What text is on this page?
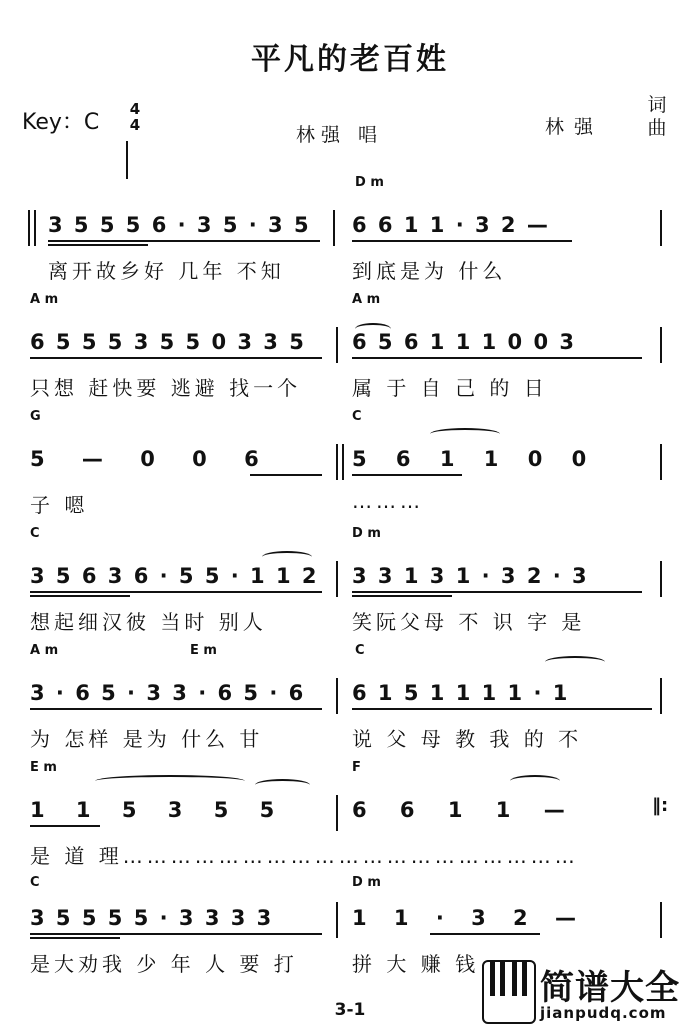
平凡的老百姓
Key：C
4
4	林强 唱	林强
词曲
D m
3 5 5 5 6 · 3 5 · 3 5 6 6 1 1 · 3 2 —
离开故乡好 几年 不知	到底是为 什么
A m	A m
6 5 5 5 3 5 5 0 3 3 5 6 5 6 1 1 1 0 0 3
只想 赶快要 逃避 找一个	属 于 自 己 的 日
G	C
5 — 0 0 6	5 6 1 1 0 0
子 嗯	………
C	D m
3 5 6 3 6 · 5 5 · 1 1 2 3 3 1 3 1 · 3 2 · 3
想起细汉彼 当时 别人	笑阮父母 不 识 字 是
A m	E m	C
3 · 6 5 · 3 3 · 6 5 · 6 6 1 5 1 1 1 1 · 1
为 怎样 是为 什么 甘	说 父 母 教 我 的 不
E m	F
1 1 5 3 5 5	6 6 1 1 —	‖:
是 道 理…………………………………………………
C	D m
3 5 5 5 5 · 3 3 3 3	1 1 · 3 2 —
是大劝我 少 年 人 要 打	拼 大 赚 钱
3-1
简谱大全
jianpudq.com
